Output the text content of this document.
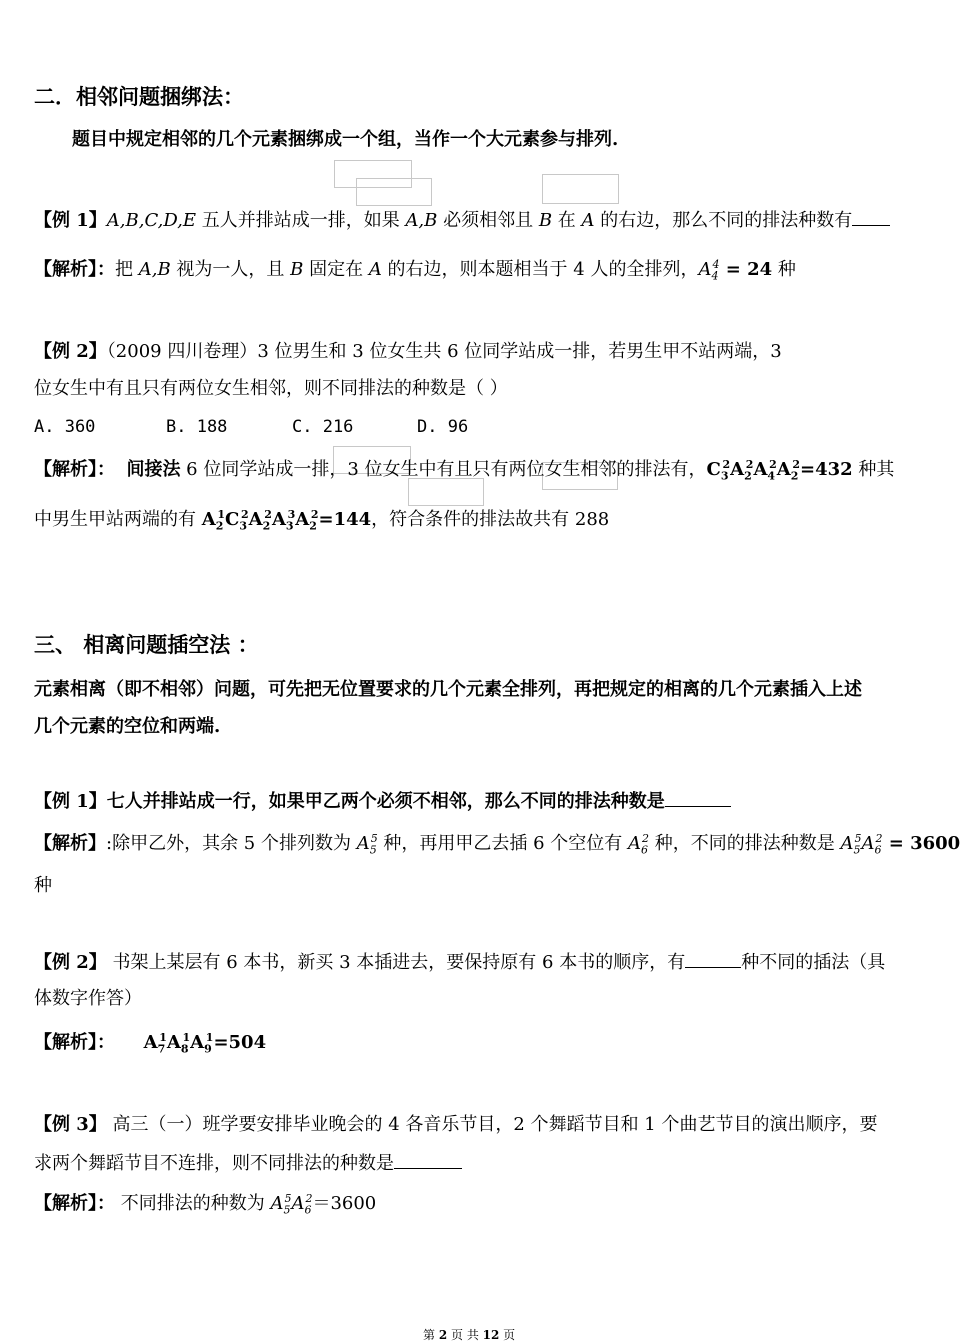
二．相邻问题捆绑法：
题目中规定相邻的几个元素捆绑成一个组，当作一个大元素参与排列.
【例 1】A,B,C,D,E 五人并排站成一排，如果 A,B 必须相邻且 B 在 A 的右边，那么不同的排法种数有
【解析】：把 A,B 视为一人，且 B 固定在 A 的右边，则本题相当于 4 人的全排列，$A_4^4 = 24$ 种
【例 2】（2009 四川卷理）3 位男生和 3 位女生共 6 位同学站成一排，若男生甲不站两端，3
位女生中有且只有两位女生相邻，则不同排法的种数是（ ）
A. 360	B. 188	C. 216	D. 96
【解析】： 间接法 6 位同学站成一排，3 位女生中有且只有两位女生相邻的排法有，$C_3^2A_2^2A_4^2A_2^2=432$ 种其
中男生甲站两端的有 $A_2^1C_3^2A_2^2A_3^3A_2^2=144$，符合条件的排法故共有 288
三、 相离问题插空法 ：
元素相离（即不相邻）问题，可先把无位置要求的几个元素全排列，再把规定的相离的几个元素插入上述
几个元素的空位和两端.
【例 1】七人并排站成一行，如果甲乙两个必须不相邻，那么不同的排法种数是
【解析】:除甲乙外，其余 5 个排列数为 $A_5^5$ 种，再用甲乙去插 6 个空位有 $A_6^2$ 种，不同的排法种数是 $A_5^5A_6^2 = 3600$
种
【例 2】 书架上某层有 6 本书，新买 3 本插进去，要保持原有 6 本书的顺序，有	种不同的插法（具
体数字作答）
【解析】： $A_7^1A_8^1A_9^1=504$
【例 3】 高三（一）班学要安排毕业晚会的 4 各音乐节目，2 个舞蹈节目和 1 个曲艺节目的演出顺序，要
求两个舞蹈节目不连排，则不同排法的种数是
【解析】： 不同排法的种数为 $A_5^5A_6^2=3600$
第 2 页 共 12 页
